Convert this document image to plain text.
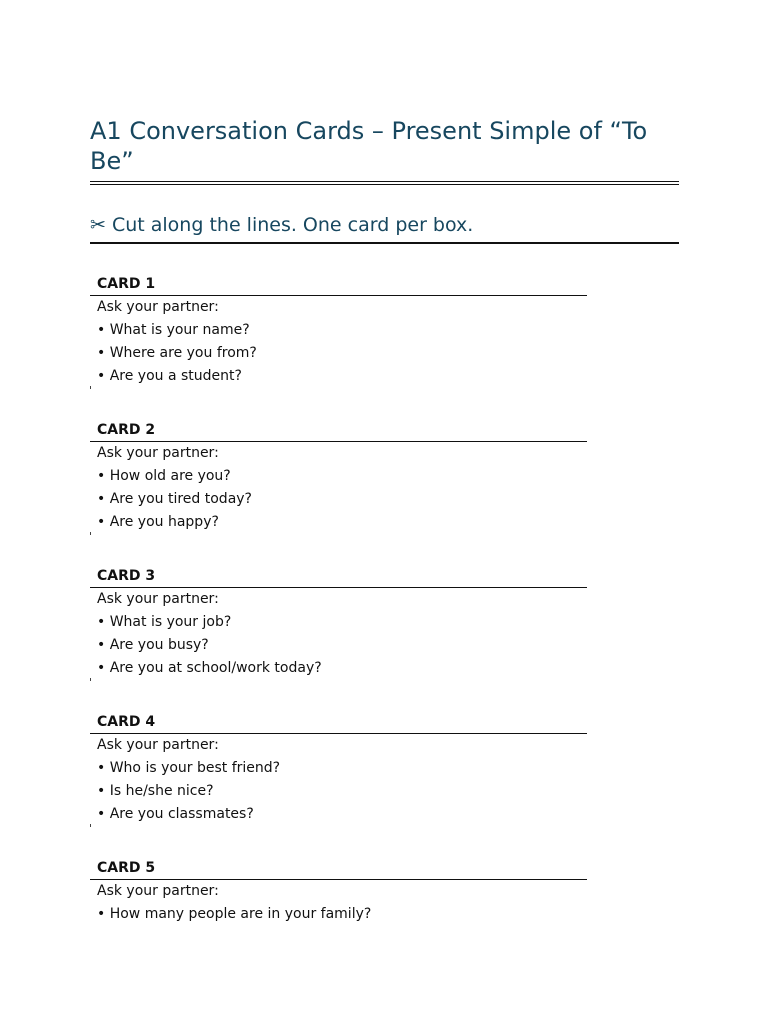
A1 Conversation Cards – Present Simple of “To Be”
✂ Cut along the lines. One card per box.
CARD 1
Ask your partner:
• What is your name?
• Where are you from?
• Are you a student?
CARD 2
Ask your partner:
• How old are you?
• Are you tired today?
• Are you happy?
CARD 3
Ask your partner:
• What is your job?
• Are you busy?
• Are you at school/work today?
CARD 4
Ask your partner:
• Who is your best friend?
• Is he/she nice?
• Are you classmates?
CARD 5
Ask your partner:
• How many people are in your family?
